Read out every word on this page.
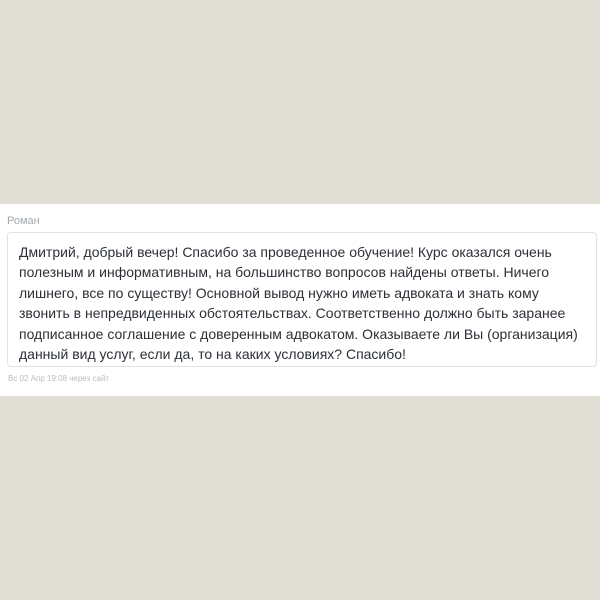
Роман
Дмитрий, добрый вечер! Спасибо за проведенное обучение! Курс оказался очень
полезным и информативным, на большинство вопросов найдены ответы. Ничего
лишнего, все по существу! Основной вывод нужно иметь адвоката и знать кому
звонить в непредвиденных обстоятельствах. Соответственно должно быть заранее
подписанное соглашение с доверенным адвокатом. Оказываете ли Вы (организация)
данный вид услуг, если да, то на каких условиях? Спасибо!
Вс 02 Апр 19:08 через сайт
